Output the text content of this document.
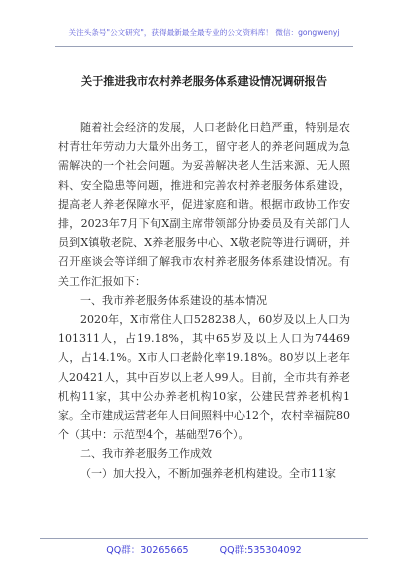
关注头条号"公文研究"，获得最新最全最专业的公文资料库！ 微信：gongwenyj
关于推进我市农村养老服务体系建设情况调研报告

随着社会经济的发展，人口老龄化日趋严重，特别是农村青壮年劳动力大量外出务工，留守老人的养老问题成为急需解决的一个社会问题。为妥善解决老人生活来源、无人照料、安全隐患等问题，推进和完善农村养老服务体系建设，提高老人养老保障水平，促进家庭和谐。根据市政协工作安排，2023年7月下旬X副主席带领部分协委员及有关部门人员到X镇敬老院、X养老服务中心、X敬老院等进行调研，并召开座谈会等详细了解我市农村养老服务体系建设情况。有关工作汇报如下：

一、我市养老服务体系建设的基本情况

2020年，X市常住人口528238人，60岁及以上人口为101311人，占19.18%，其中65岁及以上人口为74469人，占14.1%。X市人口老龄化率19.18%。80岁以上老年人20421人，其中百岁以上老人99人。目前，全市共有养老机构11家，其中公办养老机构10家，公建民营养老机构1家。全市建成运营老年人日间照料中心12个，农村幸福院80个（其中：示范型4个，基础型76个）。

二、我市养老服务工作成效

（一）加大投入，不断加强养老机构建设。全市11家

QQ群：30265665	QQ群:535304092
